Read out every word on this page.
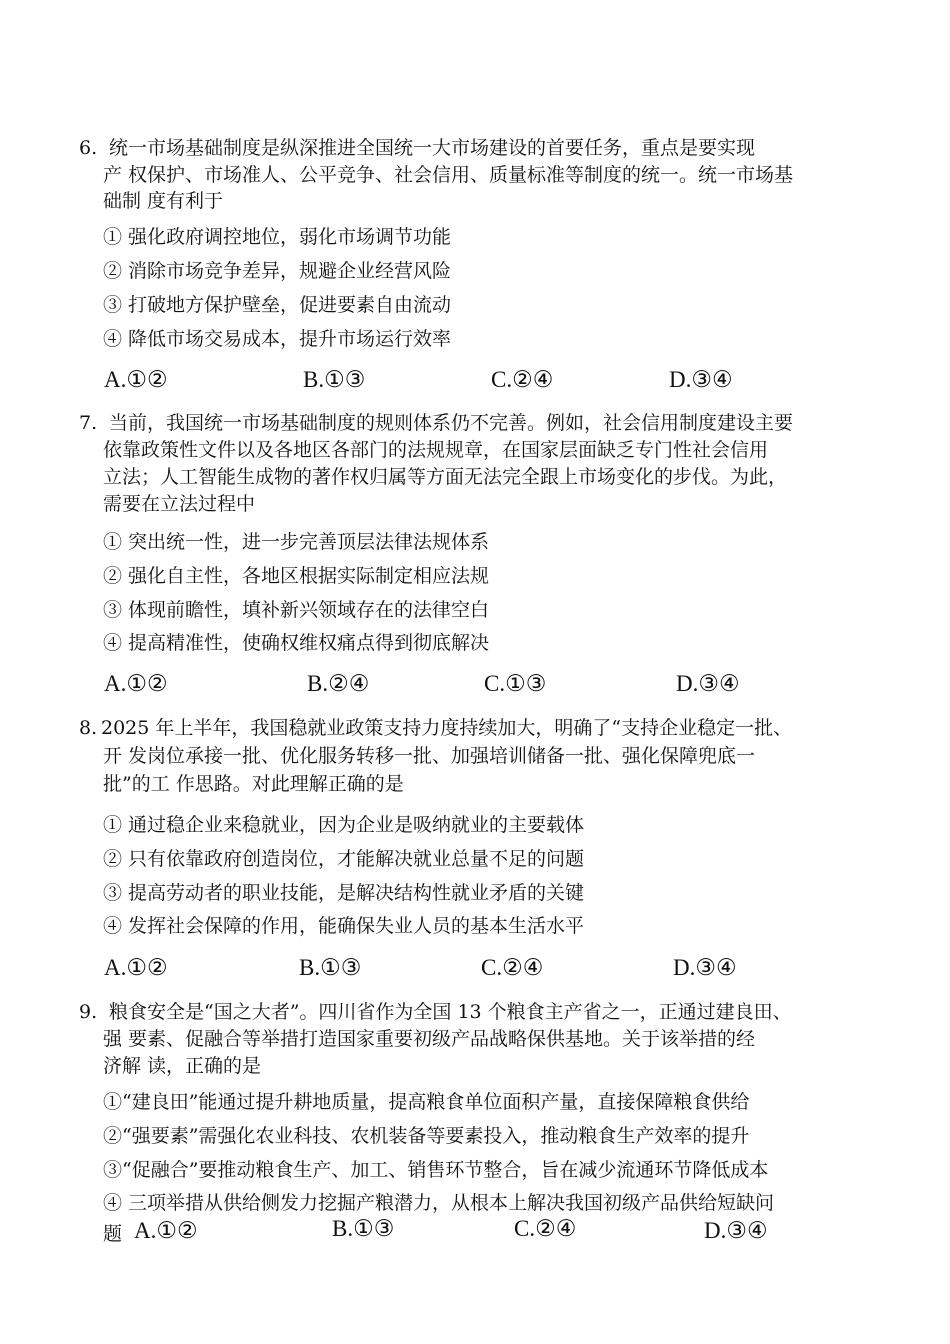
6. 统一市场基础制度是纵深推进全国统一大市场建设的首要任务，重点是要实现
产 权保护、市场准人、公平竞争、社会信用、质量标准等制度的统一。统一市场基
础制 度有利于
① 强化政府调控地位，弱化市场调节功能
② 消除市场竞争差异，规避企业经营风险
③ 打破地方保护壁垒，促进要素自由流动
④ 降低市场交易成本，提升市场运行效率
A.①②	B.①③	C.②④	D.③④
7. 当前，我国统一市场基础制度的规则体系仍不完善。例如，社会信用制度建设主要
依靠政策性文件以及各地区各部门的法规规章，在国家层面缺乏专门性社会信用
立法；人工智能生成物的著作权归属等方面无法完全跟上市场变化的步伐。为此，
需要在立法过程中
① 突出统一性，进一步完善顶层法律法规体系
② 强化自主性，各地区根据实际制定相应法规
③ 体现前瞻性，填补新兴领域存在的法律空白
④ 提高精准性，使确权维权痛点得到彻底解决
A.①②	B.②④	C.①③	D.③④
8. 2025 年上半年，我国稳就业政策支持力度持续加大，明确了“支持企业稳定一批、
开 发岗位承接一批、优化服务转移一批、加强培训储备一批、强化保障兜底一
批”的工 作思路。对此理解正确的是
① 通过稳企业来稳就业，因为企业是吸纳就业的主要载体
② 只有依靠政府创造岗位，才能解决就业总量不足的问题
③ 提高劳动者的职业技能，是解决结构性就业矛盾的关键
④ 发挥社会保障的作用，能确保失业人员的基本生活水平
A.①②	B.①③	C.②④	D.③④
9. 粮食安全是“国之大者”。四川省作为全国 13 个粮食主产省之一，正通过建良田、
强 要素、促融合等举措打造国家重要初级产品战略保供基地。关于该举措的经
济解 读，正确的是
①“建良田”能通过提升耕地质量，提高粮食单位面积产量，直接保障粮食供给
②“强要素”需强化农业科技、农机装备等要素投入，推动粮食生产效率的提升
③“促融合”要推动粮食生产、加工、销售环节整合，旨在减少流通环节降低成本
④ 三项举措从供给侧发力挖掘产粮潜力，从根本上解决我国初级产品供给短缺问
题 A.①②	B.①③	C.②④	D.③④
